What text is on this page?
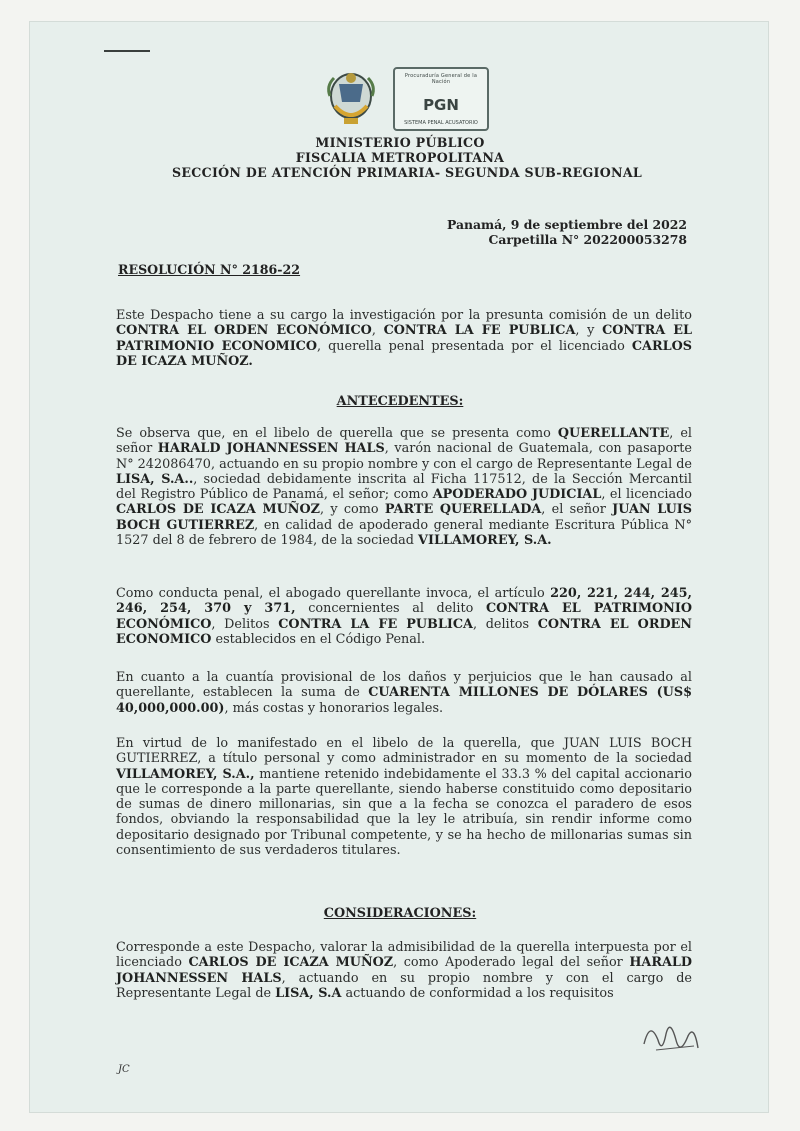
Procuraduría General de la Nación
PGN
SISTEMA PENAL ACUSATORIO
MINISTERIO PÚBLICO
FISCALIA METROPOLITANA
SECCIÓN DE ATENCIÓN PRIMARIA- SEGUNDA SUB-REGIONAL
Panamá, 9 de septiembre del 2022
Carpetilla N° 202200053278
RESOLUCIÓN N° 2186-22

Este Despacho tiene a su cargo la investigación por la presunta comisión de un delito CONTRA EL ORDEN ECONÓMICO, CONTRA LA FE PUBLICA, y CONTRA EL PATRIMONIO ECONOMICO, querella penal presentada por el licenciado CARLOS DE ICAZA MUÑOZ.

ANTECEDENTES:

Se observa que, en el libelo de querella que se presenta como QUERELLANTE, el señor HARALD JOHANNESSEN HALS, varón nacional de Guatemala, con pasaporte N° 242086470, actuando en su propio nombre y con el cargo de Representante Legal de LISA, S.A.., sociedad debidamente inscrita al Ficha 117512, de la Sección Mercantil del Registro Público de Panamá, el señor; como APODERADO JUDICIAL, el licenciado CARLOS DE ICAZA MUÑOZ, y como PARTE QUERELLADA, el señor JUAN LUIS BOCH GUTIERREZ, en calidad de apoderado general mediante Escritura Pública N° 1527 del 8 de febrero de 1984, de la sociedad VILLAMOREY, S.A.

Como conducta penal, el abogado querellante invoca, el artículo 220, 221, 244, 245, 246, 254, 370 y 371, concernientes al delito CONTRA EL PATRIMONIO ECONÓMICO, Delitos CONTRA LA FE PUBLICA, delitos CONTRA EL ORDEN ECONOMICO establecidos en el Código Penal.

En cuanto a la cuantía provisional de los daños y perjuicios que le han causado al querellante, establecen la suma de CUARENTA MILLONES DE DÓLARES (US$ 40,000,000.00), más costas y honorarios legales.

En virtud de lo manifestado en el libelo de la querella, que JUAN LUIS BOCH GUTIERREZ, a título personal y como administrador en su momento de la sociedad VILLAMOREY, S.A., mantiene retenido indebidamente el 33.3 % del capital accionario que le corresponde a la parte querellante, siendo haberse constituido como depositario de sumas de dinero millonarias, sin que a la fecha se conozca el paradero de esos fondos, obviando la responsabilidad que la ley le atribuía, sin rendir informe como depositario designado por Tribunal competente, y se ha hecho de millonarias sumas sin consentimiento de sus verdaderos titulares.

CONSIDERACIONES:

Corresponde a este Despacho, valorar la admisibilidad de la querella interpuesta por el licenciado CARLOS DE ICAZA MUÑOZ, como Apoderado legal del señor HARALD JOHANNESSEN HALS, actuando en su propio nombre y con el cargo de Representante Legal de LISA, S.A actuando de conformidad a los requisitos

JC
